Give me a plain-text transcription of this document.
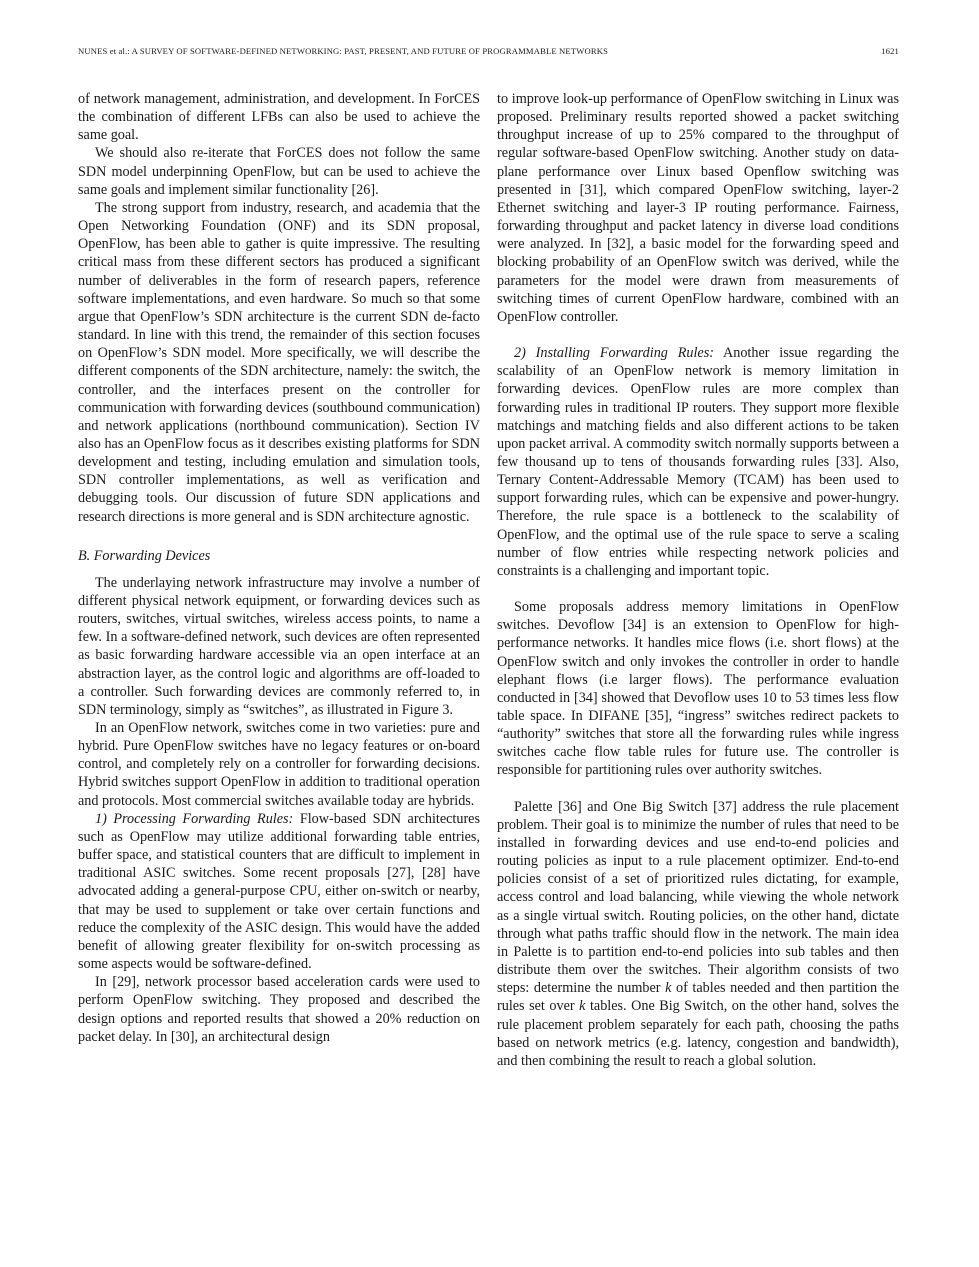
NUNES et al.: A SURVEY OF SOFTWARE-DEFINED NETWORKING: PAST, PRESENT, AND FUTURE OF PROGRAMMABLE NETWORKS	1621

of network management, administration, and development. In ForCES the combination of different LFBs can also be used to achieve the same goal.

We should also re-iterate that ForCES does not follow the same SDN model underpinning OpenFlow, but can be used to achieve the same goals and implement similar functionality [26].

The strong support from industry, research, and academia that the Open Networking Foundation (ONF) and its SDN proposal, OpenFlow, has been able to gather is quite impressive. The resulting critical mass from these different sectors has produced a significant number of deliverables in the form of research papers, reference software implementations, and even hardware. So much so that some argue that OpenFlow’s SDN architecture is the current SDN de-facto standard. In line with this trend, the remainder of this section focuses on OpenFlow’s SDN model. More specifically, we will describe the different components of the SDN architecture, namely: the switch, the controller, and the interfaces present on the controller for communication with forwarding devices (southbound communication) and network applications (northbound communication). Section IV also has an OpenFlow focus as it describes existing platforms for SDN development and testing, including emulation and simulation tools, SDN controller implementations, as well as verification and debugging tools. Our discussion of future SDN applications and research directions is more general and is SDN architecture agnostic.

B. Forwarding Devices

The underlaying network infrastructure may involve a number of different physical network equipment, or forwarding devices such as routers, switches, virtual switches, wireless access points, to name a few. In a software-defined network, such devices are often represented as basic forwarding hardware accessible via an open interface at an abstraction layer, as the control logic and algorithms are off-loaded to a controller. Such forwarding devices are commonly referred to, in SDN terminology, simply as “switches”, as illustrated in Figure 3.

In an OpenFlow network, switches come in two varieties: pure and hybrid. Pure OpenFlow switches have no legacy features or on-board control, and completely rely on a controller for forwarding decisions. Hybrid switches support OpenFlow in addition to traditional operation and protocols. Most commercial switches available today are hybrids.

1) Processing Forwarding Rules: Flow-based SDN architectures such as OpenFlow may utilize additional forwarding table entries, buffer space, and statistical counters that are difficult to implement in traditional ASIC switches. Some recent proposals [27], [28] have advocated adding a general-purpose CPU, either on-switch or nearby, that may be used to supplement or take over certain functions and reduce the complexity of the ASIC design. This would have the added benefit of allowing greater flexibility for on-switch processing as some aspects would be software-defined.

In [29], network processor based acceleration cards were used to perform OpenFlow switching. They proposed and described the design options and reported results that showed a 20% reduction on packet delay. In [30], an architectural design

to improve look-up performance of OpenFlow switching in Linux was proposed. Preliminary results reported showed a packet switching throughput increase of up to 25% compared to the throughput of regular software-based OpenFlow switching. Another study on data-plane performance over Linux based Openflow switching was presented in [31], which compared OpenFlow switching, layer-2 Ethernet switching and layer-3 IP routing performance. Fairness, forwarding throughput and packet latency in diverse load conditions were analyzed. In [32], a basic model for the forwarding speed and blocking probability of an OpenFlow switch was derived, while the parameters for the model were drawn from measurements of switching times of current OpenFlow hardware, combined with an OpenFlow controller.

2) Installing Forwarding Rules: Another issue regarding the scalability of an OpenFlow network is memory limitation in forwarding devices. OpenFlow rules are more complex than forwarding rules in traditional IP routers. They support more flexible matchings and matching fields and also different actions to be taken upon packet arrival. A commodity switch normally supports between a few thousand up to tens of thousands forwarding rules [33]. Also, Ternary Content-Addressable Memory (TCAM) has been used to support forwarding rules, which can be expensive and power-hungry. Therefore, the rule space is a bottleneck to the scalability of OpenFlow, and the optimal use of the rule space to serve a scaling number of flow entries while respecting network policies and constraints is a challenging and important topic.

Some proposals address memory limitations in OpenFlow switches. Devoflow [34] is an extension to OpenFlow for high-performance networks. It handles mice flows (i.e. short flows) at the OpenFlow switch and only invokes the controller in order to handle elephant flows (i.e larger flows). The performance evaluation conducted in [34] showed that Devoflow uses 10 to 53 times less flow table space. In DIFANE [35], “ingress” switches redirect packets to “authority” switches that store all the forwarding rules while ingress switches cache flow table rules for future use. The controller is responsible for partitioning rules over authority switches.

Palette [36] and One Big Switch [37] address the rule placement problem. Their goal is to minimize the number of rules that need to be installed in forwarding devices and use end-to-end policies and routing policies as input to a rule placement optimizer. End-to-end policies consist of a set of prioritized rules dictating, for example, access control and load balancing, while viewing the whole network as a single virtual switch. Routing policies, on the other hand, dictate through what paths traffic should flow in the network. The main idea in Palette is to partition end-to-end policies into sub tables and then distribute them over the switches. Their algorithm consists of two steps: determine the number k of tables needed and then partition the rules set over k tables. One Big Switch, on the other hand, solves the rule placement problem separately for each path, choosing the paths based on network metrics (e.g. latency, congestion and bandwidth), and then combining the result to reach a global solution.
